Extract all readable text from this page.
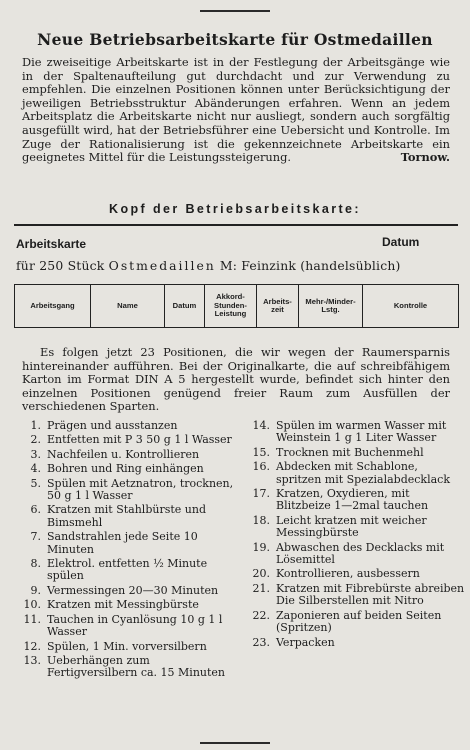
Neue Betriebsarbeitskarte für Ostmedaillen
Die zweiseitige Arbeitskarte ist in der Festlegung der Arbeitsgänge wie in der Spaltenaufteilung gut durchdacht und zur Verwendung zu empfehlen. Die einzelnen Positionen können unter Berücksichtigung der jeweiligen Betriebsstruktur Abänderungen erfahren. Wenn an jedem Arbeitsplatz die Arbeitskarte nicht nur ausliegt, sondern auch sorgfältig ausgefüllt wird, hat der Betriebsführer eine Uebersicht und Kontrolle. Im Zuge der Rationalisierung ist die gekennzeichnete Arbeitskarte ein geeignetes Mittel für die Leistungssteigerung.	Tornow.
Kopf der Betriebsarbeitskarte:
Arbeitskarte	Datum
für 250 Stück Ostmedaillen M: Feinzink (handelsüblich)
Arbeitsgang	Name	Datum	Akkord-Stunden-Leistung	Arbeits-zeit	Mehr-/Minder-Lstg.	Kontrolle
Es folgen jetzt 23 Positionen, die wir wegen der Raumersparnis hintereinander aufführen. Bei der Originalkarte, die auf schreibfähigem Karton im Format DIN A 5 hergestellt wurde, befindet sich hinter den einzelnen Positionen genügend freier Raum zum Ausfüllen der verschiedenen Sparten.
1. Prägen und ausstanzen
2. Entfetten mit P 3 50 g 1 l Wasser
3. Nachfeilen u. Kontrollieren
4. Bohren und Ring einhängen
5. Spülen mit Aetznatron, trocknen, 50 g 1 l Wasser
6. Kratzen mit Stahlbürste und Bimsmehl
7. Sandstrahlen jede Seite 10 Minuten
8. Elektrol. entfetten ½ Minute spülen
9. Vermessingen 20—30 Minuten
10. Kratzen mit Messingbürste
11. Tauchen in Cyanlösung 10 g 1 l Wasser
12. Spülen, 1 Min. vorversilbern
13. Ueberhängen zum Fertigversilbern ca. 15 Minuten
14. Spülen im warmen Wasser mit Weinstein 1 g 1 Liter Wasser
15. Trocknen mit Buchenmehl
16. Abdecken mit Schablone, spritzen mit Spezialabdecklack
17. Kratzen, Oxydieren, mit Blitzbeize 1—2mal tauchen
18. Leicht kratzen mit weicher Messingbürste
19. Abwaschen des Decklacks mit Lösemittel
20. Kontrollieren, ausbessern
21. Kratzen mit Fibrebürste abreiben Die Silberstellen mit Nitro
22. Zaponieren auf beiden Seiten (Spritzen)
23. Verpacken
